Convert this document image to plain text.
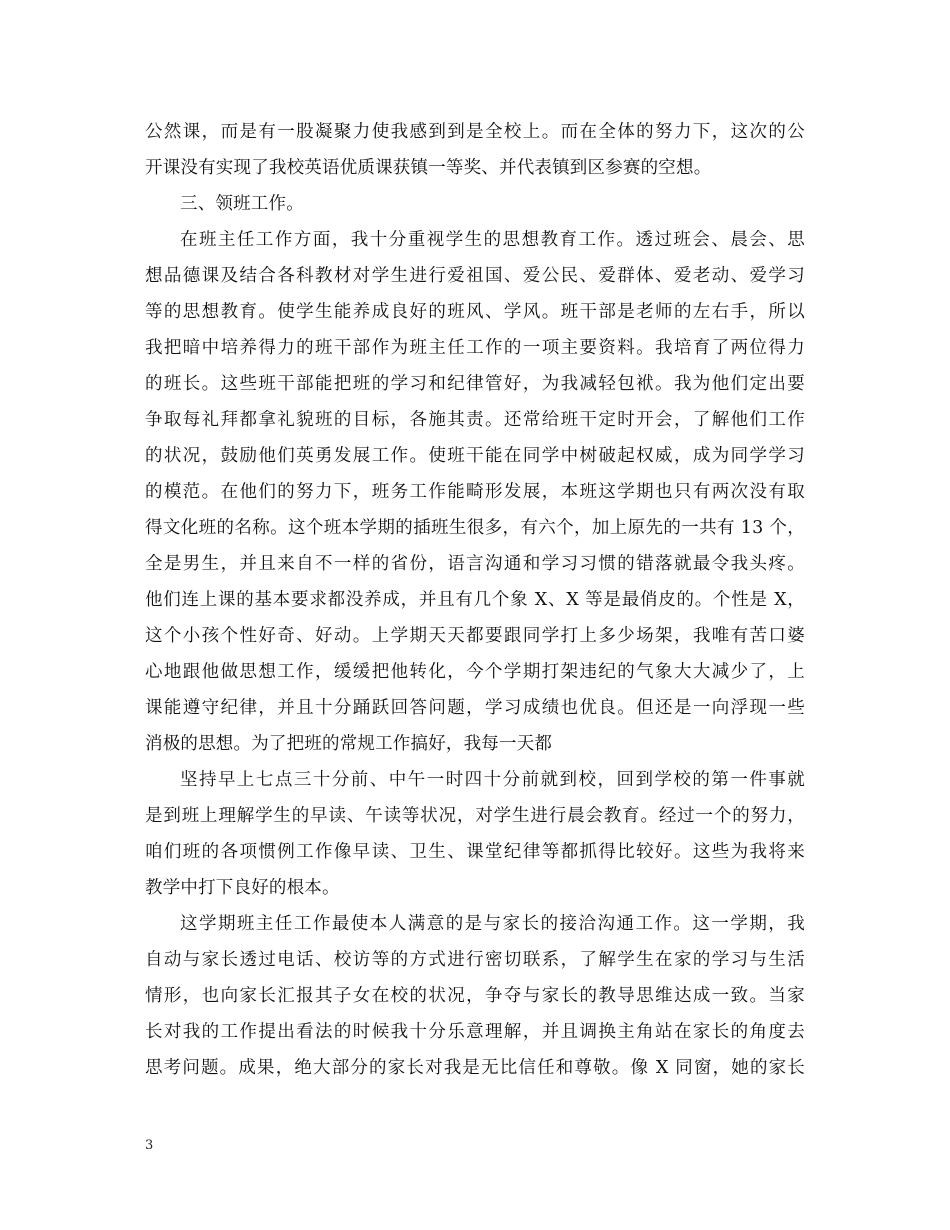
公然课，而是有一股凝聚力使我感到到是全校上。而在全体的努力下，这次的公
开课没有实现了我校英语优质课获镇一等奖、并代表镇到区参赛的空想。
三、领班工作。
在班主任工作方面，我十分重视学生的思想教育工作。透过班会、晨会、思
想品德课及结合各科教材对学生进行爱祖国、爱公民、爱群体、爱老动、爱学习
等的思想教育。使学生能养成良好的班风、学风。班干部是老师的左右手，所以
我把暗中培养得力的班干部作为班主任工作的一项主要资料。我培育了两位得力
的班长。这些班干部能把班的学习和纪律管好，为我减轻包袱。我为他们定出要
争取每礼拜都拿礼貌班的目标，各施其责。还常给班干定时开会，了解他们工作
的状况，鼓励他们英勇发展工作。使班干能在同学中树破起权威，成为同学学习
的模范。在他们的努力下，班务工作能畸形发展，本班这学期也只有两次没有取
得文化班的名称。这个班本学期的插班生很多，有六个，加上原先的一共有 13 个，
全是男生，并且来自不一样的省份，语言沟通和学习习惯的错落就最令我头疼。
他们连上课的基本要求都没养成，并且有几个象 X、X 等是最俏皮的。个性是 X，
这个小孩个性好奇、好动。上学期天天都要跟同学打上多少场架，我唯有苦口婆
心地跟他做思想工作，缓缓把他转化，今个学期打架违纪的气象大大减少了，上
课能遵守纪律，并且十分踊跃回答问题，学习成绩也优良。但还是一向浮现一些
消极的思想。为了把班的常规工作搞好，我每一天都
坚持早上七点三十分前、中午一时四十分前就到校，回到学校的第一件事就
是到班上理解学生的早读、午读等状况，对学生进行晨会教育。经过一个的努力，
咱们班的各项惯例工作像早读、卫生、课堂纪律等都抓得比较好。这些为我将来
教学中打下良好的根本。
这学期班主任工作最使本人满意的是与家长的接洽沟通工作。这一学期，我
自动与家长透过电话、校访等的方式进行密切联系，了解学生在家的学习与生活
情形，也向家长汇报其子女在校的状况，争夺与家长的教导思维达成一致。当家
长对我的工作提出看法的时候我十分乐意理解，并且调换主角站在家长的角度去
思考问题。成果，绝大部分的家长对我是无比信任和尊敬。像 X 同窗，她的家长
3
